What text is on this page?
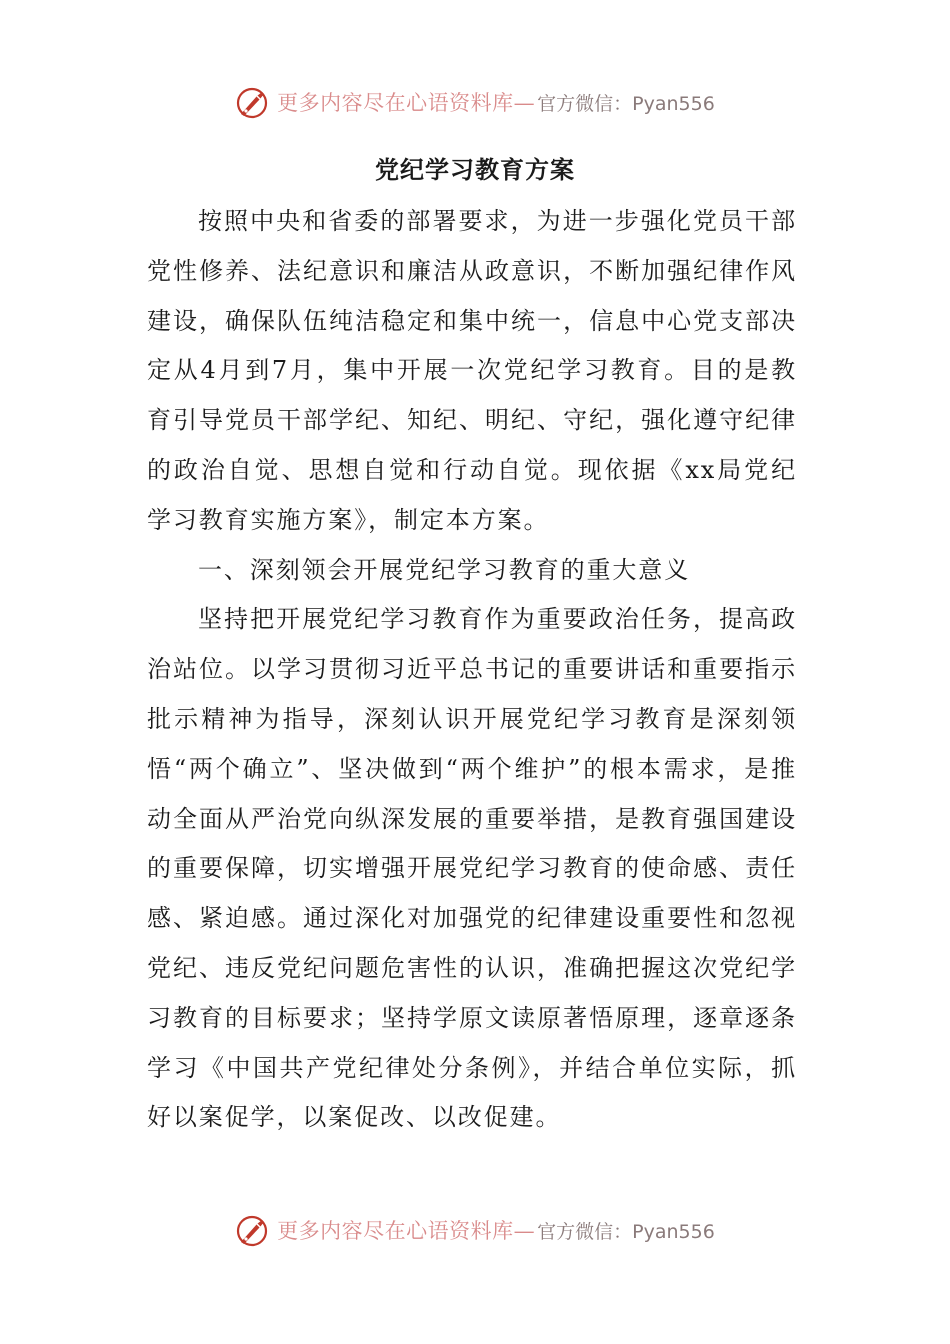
更多内容尽在心语资料库— 官方微信：Pyan556
党纪学习教育方案

按照中央和省委的部署要求，为进一步强化党员干部党性修养、法纪意识和廉洁从政意识，不断加强纪律作风建设，确保队伍纯洁稳定和集中统一，信息中心党支部决定从4月到7月，集中开展一次党纪学习教育。目的是教育引导党员干部学纪、知纪、明纪、守纪，强化遵守纪律的政治自觉、思想自觉和行动自觉。现依据《xx局党纪学习教育实施方案》，制定本方案。

一、深刻领会开展党纪学习教育的重大意义

坚持把开展党纪学习教育作为重要政治任务，提高政治站位。以学习贯彻习近平总书记的重要讲话和重要指示批示精神为指导，深刻认识开展党纪学习教育是深刻领悟“两个确立”、坚决做到“两个维护”的根本需求，是推动全面从严治党向纵深发展的重要举措，是教育强国建设的重要保障，切实增强开展党纪学习教育的使命感、责任感、紧迫感。通过深化对加强党的纪律建设重要性和忽视党纪、违反党纪问题危害性的认识，准确把握这次党纪学习教育的目标要求；坚持学原文读原著悟原理，逐章逐条学习《中国共产党纪律处分条例》，并结合单位实际，抓好以案促学，以案促改、以改促建。

更多内容尽在心语资料库— 官方微信：Pyan556
